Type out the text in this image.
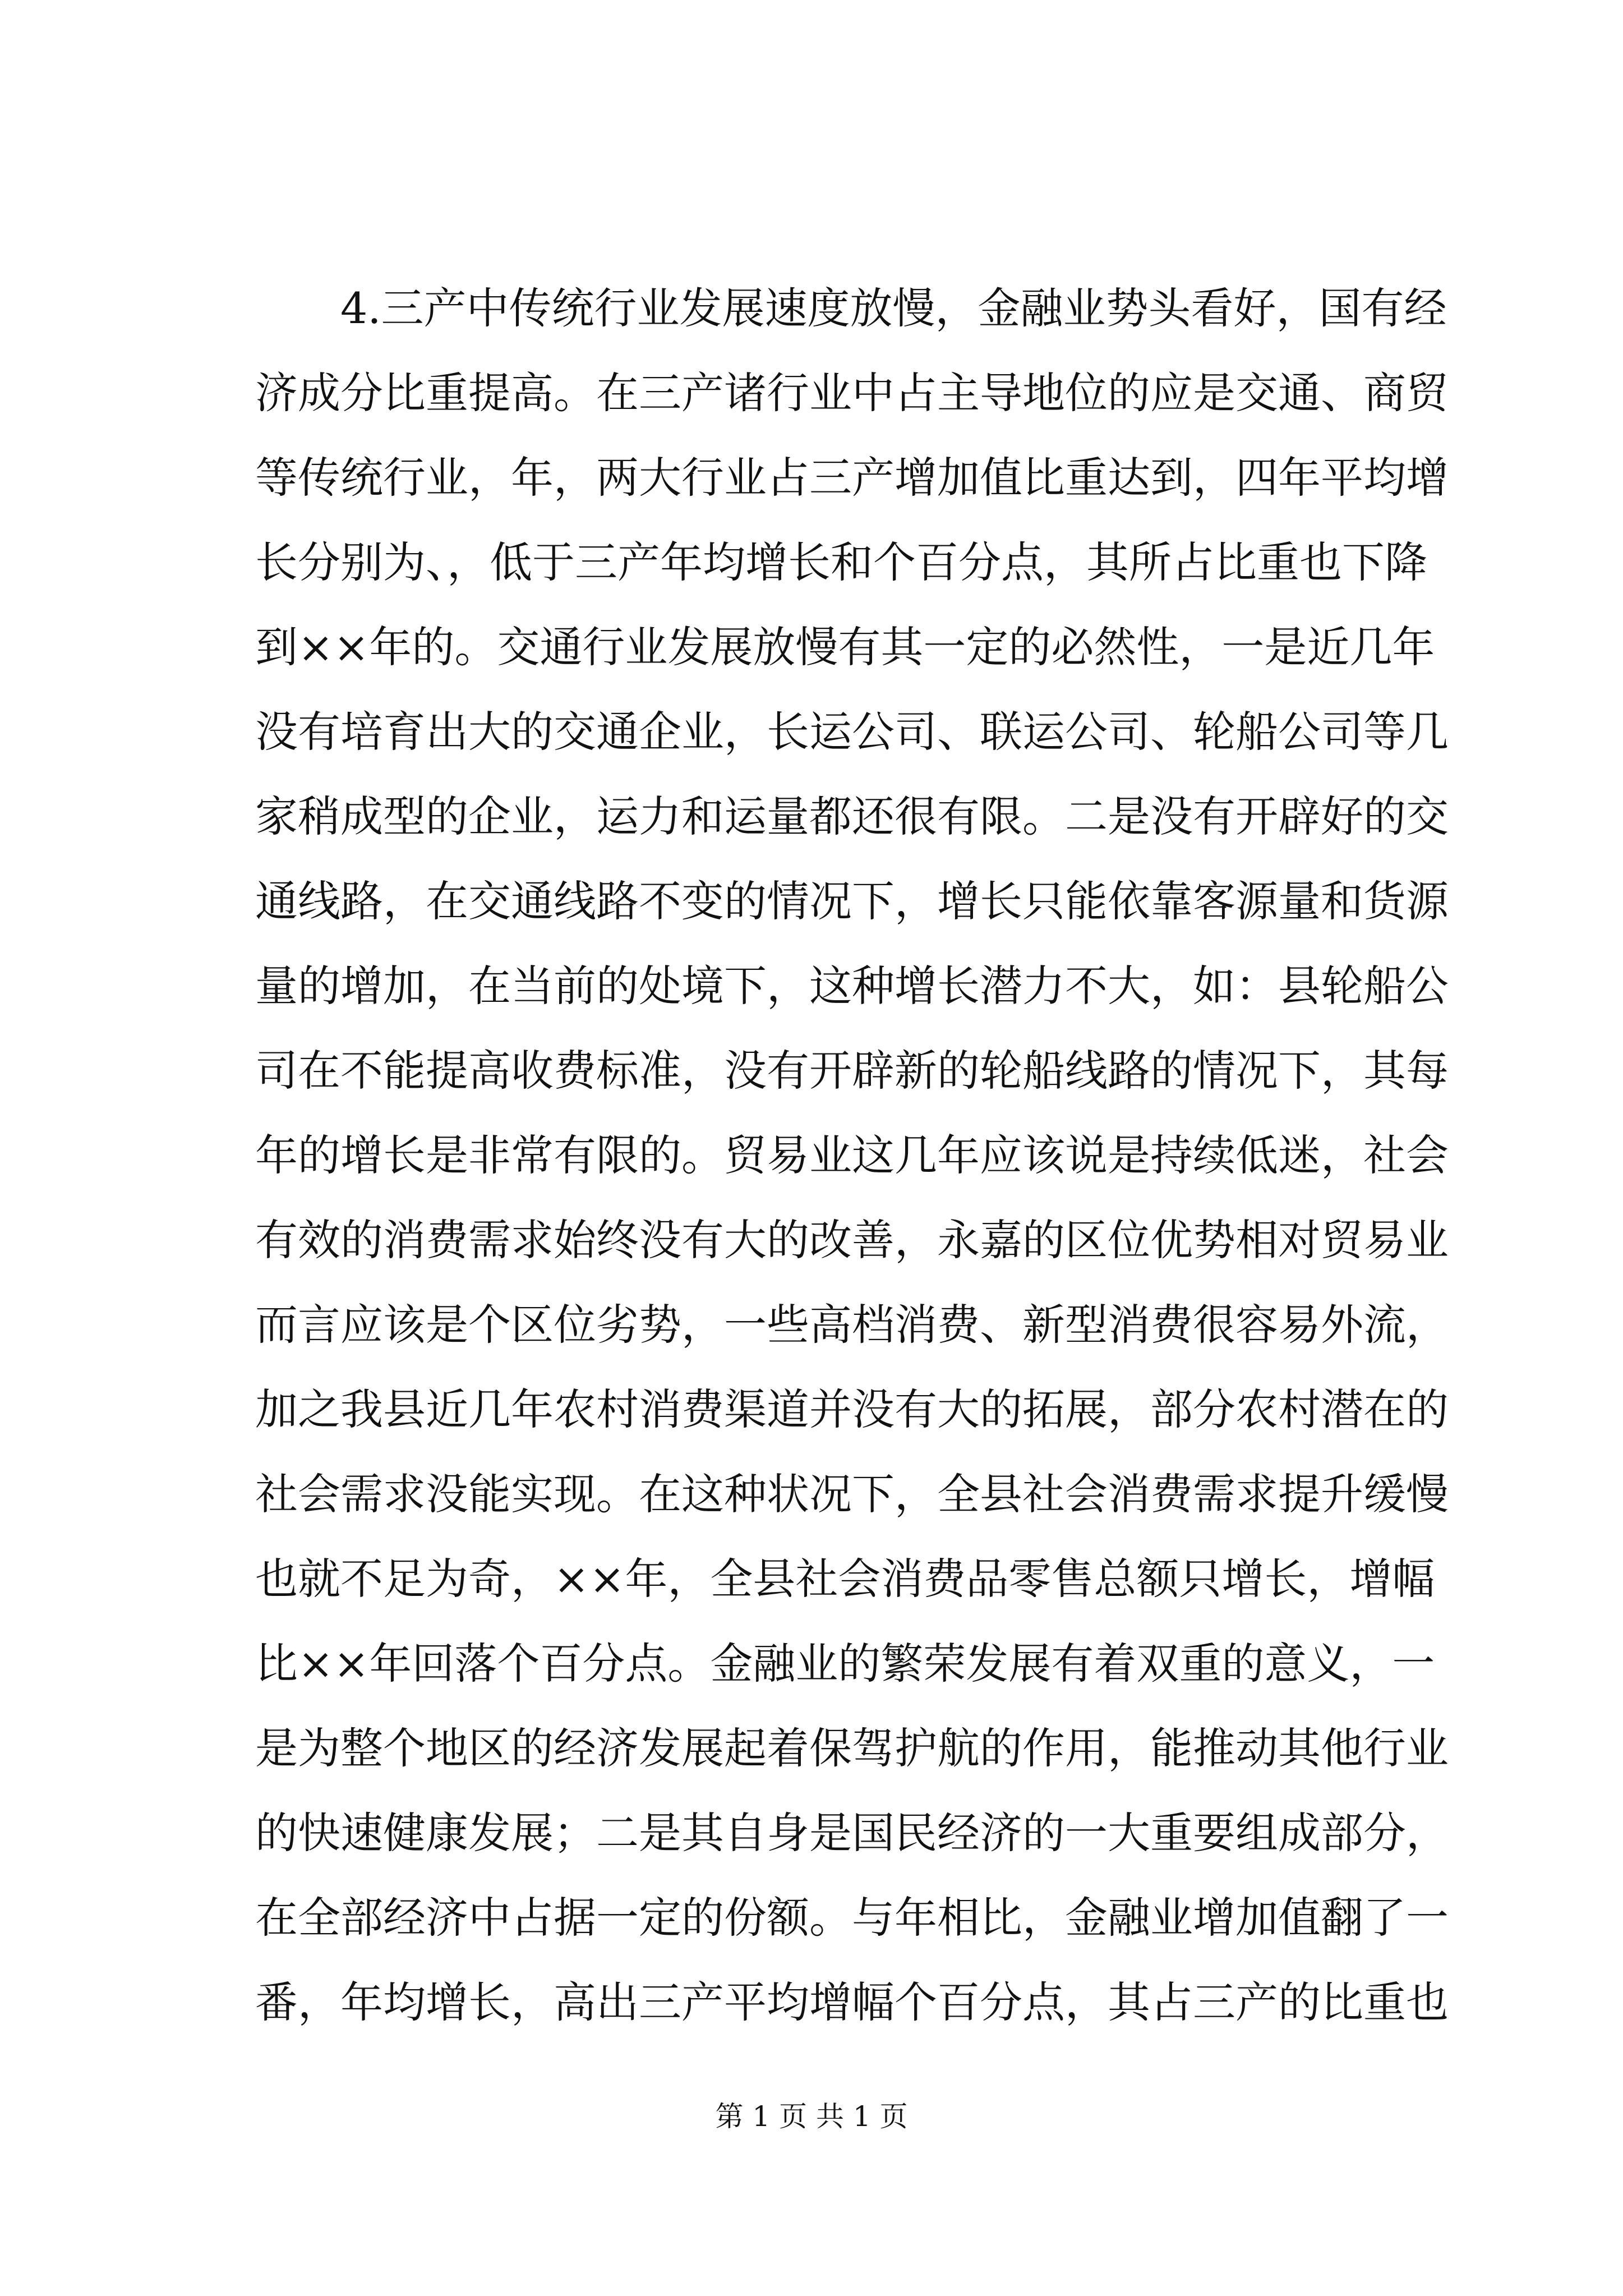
4.三产中传统行业发展速度放慢，金融业势头看好，国有经
济成分比重提高。在三产诸行业中占主导地位的应是交通、商贸
等传统行业，年，两大行业占三产增加值比重达到，四年平均增
长分别为、，低于三产年均增长和个百分点，其所占比重也下降
到××年的。交通行业发展放慢有其一定的必然性，一是近几年
没有培育出大的交通企业，长运公司、联运公司、轮船公司等几
家稍成型的企业，运力和运量都还很有限。二是没有开辟好的交
通线路，在交通线路不变的情况下，增长只能依靠客源量和货源
量的增加，在当前的处境下，这种增长潜力不大，如：县轮船公
司在不能提高收费标准，没有开辟新的轮船线路的情况下，其每
年的增长是非常有限的。贸易业这几年应该说是持续低迷，社会
有效的消费需求始终没有大的改善，永嘉的区位优势相对贸易业
而言应该是个区位劣势，一些高档消费、新型消费很容易外流，
加之我县近几年农村消费渠道并没有大的拓展，部分农村潜在的
社会需求没能实现。在这种状况下，全县社会消费需求提升缓慢
也就不足为奇，××年，全县社会消费品零售总额只增长，增幅
比××年回落个百分点。金融业的繁荣发展有着双重的意义，一
是为整个地区的经济发展起着保驾护航的作用，能推动其他行业
的快速健康发展；二是其自身是国民经济的一大重要组成部分，
在全部经济中占据一定的份额。与年相比，金融业增加值翻了一
番，年均增长，高出三产平均增幅个百分点，其占三产的比重也
第 1 页 共 1 页
